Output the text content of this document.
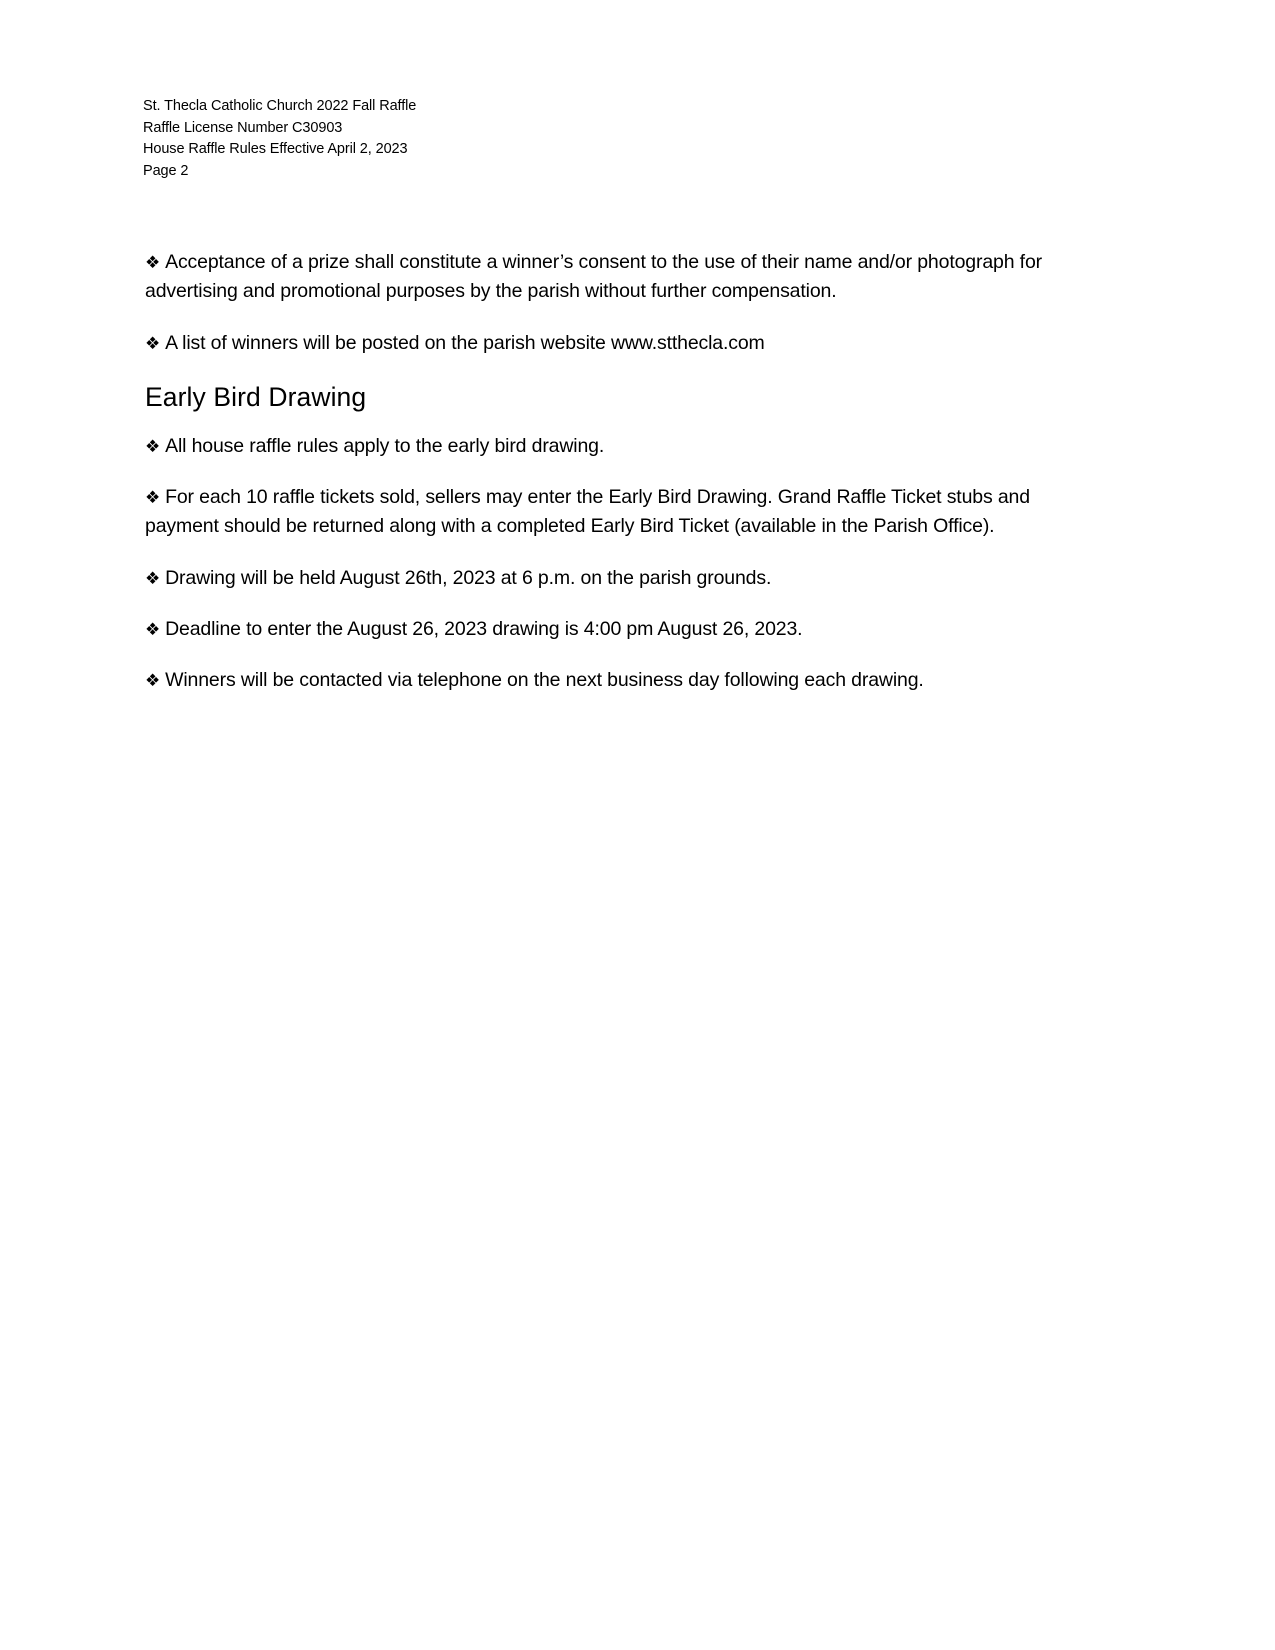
St. Thecla Catholic Church 2022 Fall Raffle
Raffle License Number C30903
House Raffle Rules Effective April 2, 2023
Page 2

❖ Acceptance of a prize shall constitute a winner’s consent to the use of their name and/or photograph for advertising and promotional purposes by the parish without further compensation.

❖ A list of winners will be posted on the parish website www.stthecla.com

Early Bird Drawing

❖ All house raffle rules apply to the early bird drawing.

❖ For each 10 raffle tickets sold, sellers may enter the Early Bird Drawing. Grand Raffle Ticket stubs and payment should be returned along with a completed Early Bird Ticket (available in the Parish Office).

❖ Drawing will be held August 26th, 2023 at 6 p.m. on the parish grounds.

❖ Deadline to enter the August 26, 2023 drawing is 4:00 pm August 26, 2023.

❖ Winners will be contacted via telephone on the next business day following each drawing.
